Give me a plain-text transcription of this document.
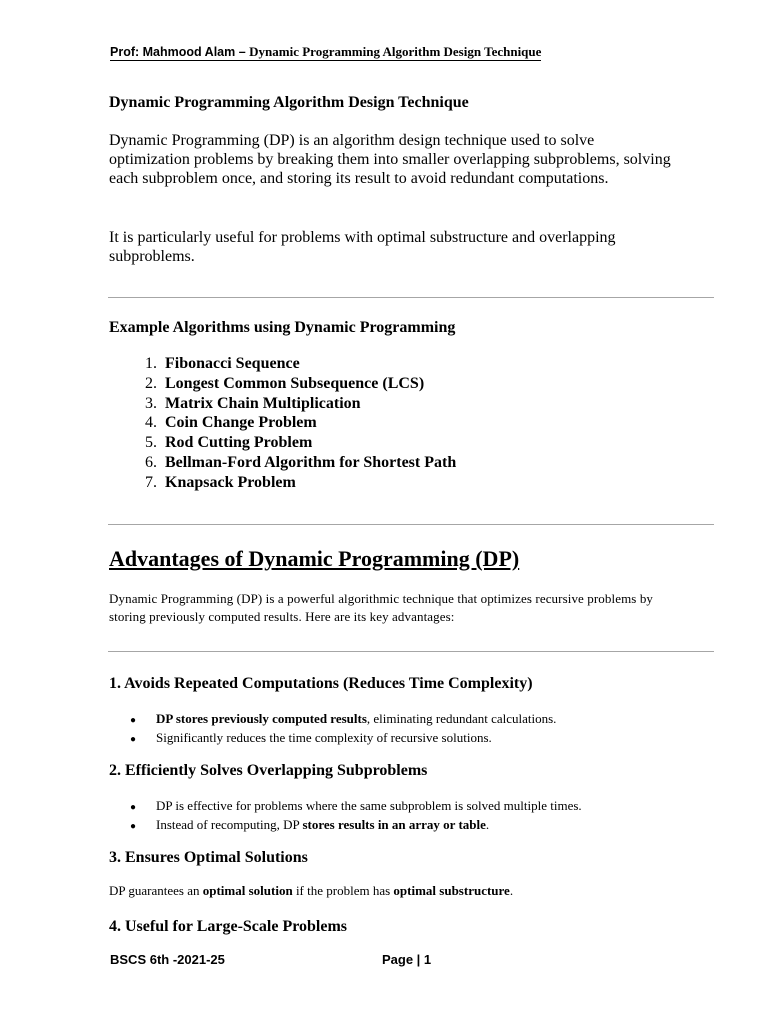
Prof: Mahmood Alam – Dynamic Programming Algorithm Design Technique
Dynamic Programming Algorithm Design Technique
Dynamic Programming (DP) is an algorithm design technique used to solve optimization problems by breaking them into smaller overlapping subproblems, solving each subproblem once, and storing its result to avoid redundant computations.
It is particularly useful for problems with optimal substructure and overlapping subproblems.
Example Algorithms using Dynamic Programming
1. Fibonacci Sequence
2. Longest Common Subsequence (LCS)
3. Matrix Chain Multiplication
4. Coin Change Problem
5. Rod Cutting Problem
6. Bellman-Ford Algorithm for Shortest Path
7. Knapsack Problem
Advantages of Dynamic Programming (DP)
Dynamic Programming (DP) is a powerful algorithmic technique that optimizes recursive problems by storing previously computed results. Here are its key advantages:
1. Avoids Repeated Computations (Reduces Time Complexity)
● DP stores previously computed results, eliminating redundant calculations.
● Significantly reduces the time complexity of recursive solutions.
2. Efficiently Solves Overlapping Subproblems
● DP is effective for problems where the same subproblem is solved multiple times.
● Instead of recomputing, DP stores results in an array or table.
3. Ensures Optimal Solutions
DP guarantees an optimal solution if the problem has optimal substructure.
4. Useful for Large-Scale Problems
BSCS 6th -2021-25	Page | 1
